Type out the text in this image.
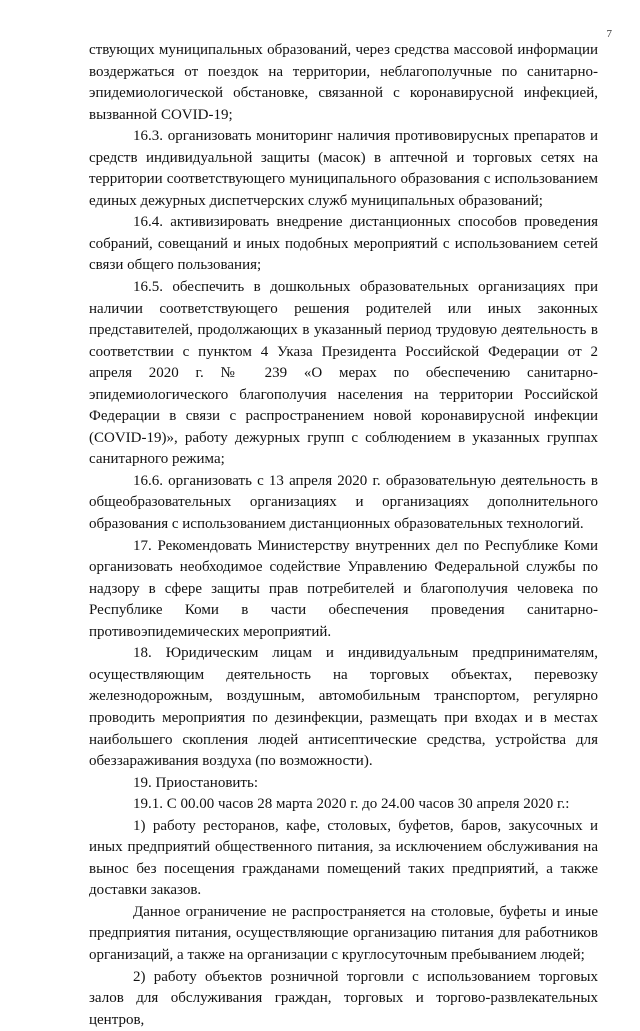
7

ствующих муниципальных образований, через средства массовой информации воздержаться от поездок на территории, неблагополучные по санитарно-эпидемиологической обстановке, связанной с коронавирусной инфекцией, вызванной COVID-19;

16.3. организовать мониторинг наличия противовирусных препаратов и средств индивидуальной защиты (масок) в аптечной и торговых сетях на территории соответствующего муниципального образования с использованием единых дежурных диспетчерских служб муниципальных образований;

16.4. активизировать внедрение дистанционных способов проведения собраний, совещаний и иных подобных мероприятий с использованием сетей связи общего пользования;

16.5. обеспечить в дошкольных образовательных организациях при наличии соответствующего решения родителей или иных законных представителей, продолжающих в указанный период трудовую деятельность в соответствии с пунктом 4 Указа Президента Российской Федерации от 2 апреля 2020 г. № 239 «О мерах по обеспечению санитарно-эпидемиологического благополучия населения на территории Российской Федерации в связи с распространением новой коронавирусной инфекции (COVID-19)», работу дежурных групп с соблюдением в указанных группах санитарного режима;

16.6. организовать с 13 апреля 2020 г. образовательную деятельность в общеобразовательных организациях и организациях дополнительного образования с использованием дистанционных образовательных технологий.

17. Рекомендовать Министерству внутренних дел по Республике Коми организовать необходимое содействие Управлению Федеральной службы по надзору в сфере защиты прав потребителей и благополучия человека по Республике Коми в части обеспечения проведения санитарно-противоэпидемических мероприятий.

18. Юридическим лицам и индивидуальным предпринимателям, осуществляющим деятельность на торговых объектах, перевозку железнодорожным, воздушным, автомобильным транспортом, регулярно проводить мероприятия по дезинфекции, размещать при входах и в местах наибольшего скопления людей антисептические средства, устройства для обеззараживания воздуха (по возможности).

19. Приостановить:

19.1. С 00.00 часов 28 марта 2020 г. до 24.00 часов 30 апреля 2020 г.:

1) работу ресторанов, кафе, столовых, буфетов, баров, закусочных и иных предприятий общественного питания, за исключением обслуживания на вынос без посещения гражданами помещений таких предприятий, а также доставки заказов.

Данное ограничение не распространяется на столовые, буфеты и иные предприятия питания, осуществляющие организацию питания для работников организаций, а также на организации с круглосуточным пребыванием людей;

2) работу объектов розничной торговли с использованием торговых залов для обслуживания граждан, торговых и торгово-развлекательных центров,
